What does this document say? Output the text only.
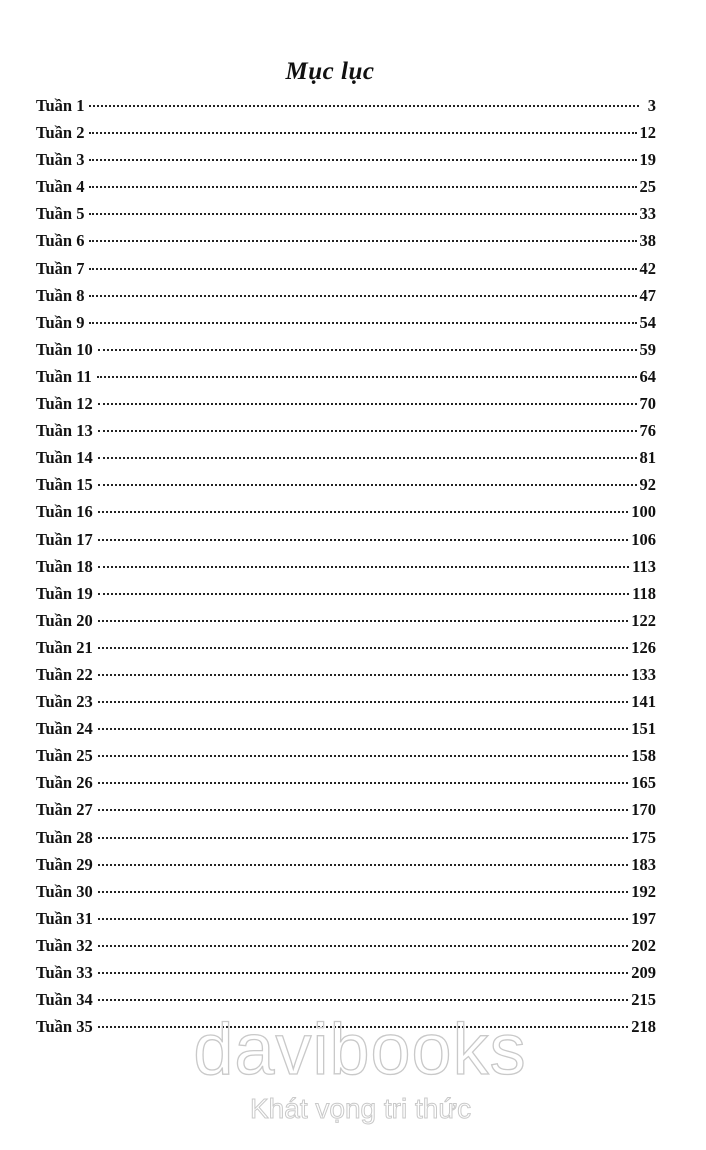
Mục lục
Tuần 1	3
Tuần 2	12
Tuần 3	19
Tuần 4	25
Tuần 5	33
Tuần 6	38
Tuần 7	42
Tuần 8	47
Tuần 9	54
Tuần 10	59
Tuần 11	64
Tuần 12	70
Tuần 13	76
Tuần 14	81
Tuần 15	92
Tuần 16	100
Tuần 17	106
Tuần 18	113
Tuần 19	118
Tuần 20	122
Tuần 21	126
Tuần 22	133
Tuần 23	141
Tuần 24	151
Tuần 25	158
Tuần 26	165
Tuần 27	170
Tuần 28	175
Tuần 29	183
Tuần 30	192
Tuần 31	197
Tuần 32	202
Tuần 33	209
Tuần 34	215
Tuần 35	218
davibooks
Khát vọng tri thức
